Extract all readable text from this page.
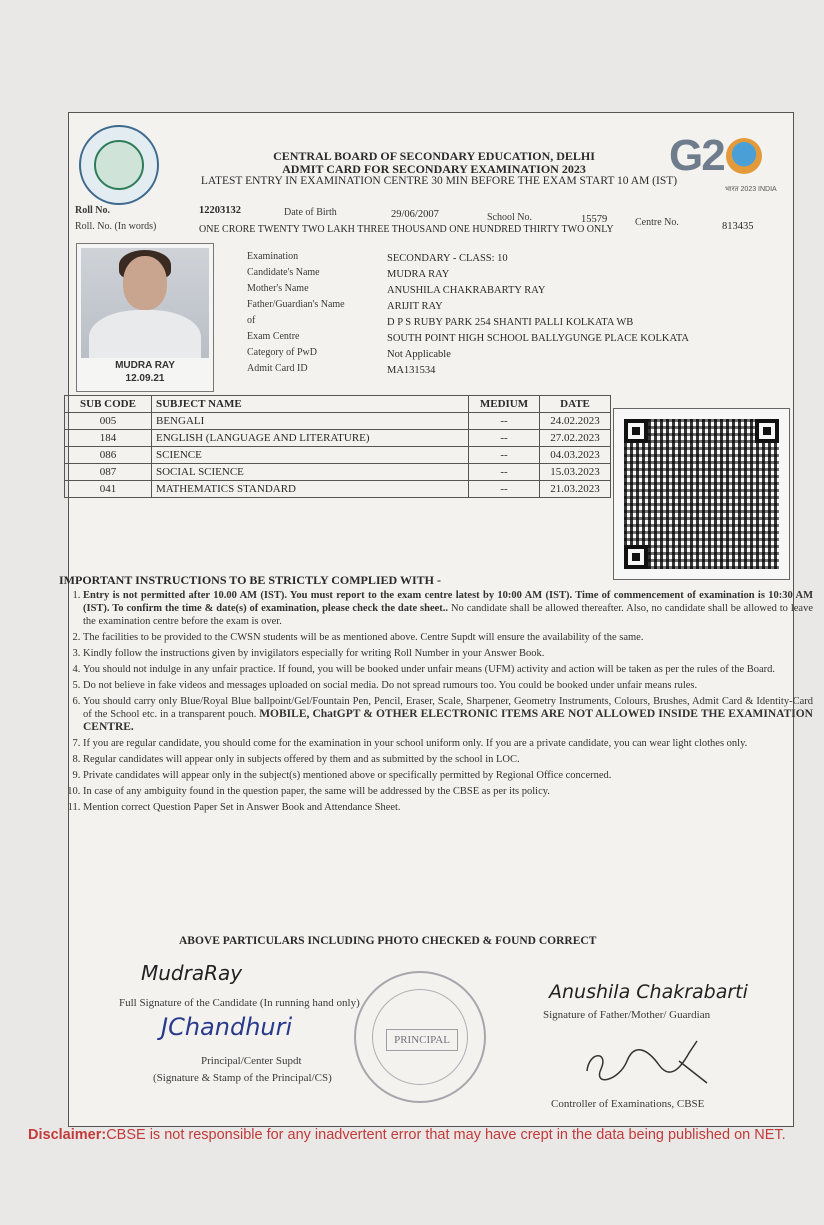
CENTRAL BOARD OF SECONDARY EDUCATION, DELHI
ADMIT CARD FOR SECONDARY EXAMINATION 2023
LATEST ENTRY IN EXAMINATION CENTRE 30 MIN BEFORE THE EXAM START 10 AM (IST)
G2
भारत 2023 INDIA
Roll No.	12203132	Date of Birth	29/06/2007	School No.	15579	Centre No.	813435
Roll. No. (In words)	ONE CRORE TWENTY TWO LAKH THREE THOUSAND ONE HUNDRED THIRTY TWO ONLY
MUDRA RAY
12.09.21
Examination	SECONDARY - CLASS: 10
Candidate's Name	MUDRA RAY
Mother's Name	ANUSHILA CHAKRABARTY RAY
Father/Guardian's Name	ARIJIT RAY
of	D P S RUBY PARK 254 SHANTI PALLI KOLKATA WB
Exam Centre	SOUTH POINT HIGH SCHOOL BALLYGUNGE PLACE KOLKATA
Category of PwD	Not Applicable
Admit Card ID	MA131534
SUB CODE	SUBJECT NAME	MEDIUM	DATE
005	BENGALI	--	24.02.2023
184	ENGLISH (LANGUAGE AND LITERATURE)	--	27.02.2023
086	SCIENCE	--	04.03.2023
087	SOCIAL SCIENCE	--	15.03.2023
041	MATHEMATICS STANDARD	--	21.03.2023
IMPORTANT INSTRUCTIONS TO BE STRICTLY COMPLIED WITH -
1. Entry is not permitted after 10.00 AM (IST). You must report to the exam centre latest by 10:00 AM (IST). Time of commencement of examination is 10:30 AM (IST). To confirm the time & date(s) of examination, please check the date sheet.. No candidate shall be allowed thereafter. Also, no candidate shall be allowed to leave the examination centre before the exam is over.
2. The facilities to be provided to the CWSN students will be as mentioned above. Centre Supdt will ensure the availability of the same.
3. Kindly follow the instructions given by invigilators especially for writing Roll Number in your Answer Book.
4. You should not indulge in any unfair practice. If found, you will be booked under unfair means (UFM) activity and action will be taken as per the rules of the Board.
5. Do not believe in fake videos and messages uploaded on social media. Do not spread rumours too. You could be booked under unfair means rules.
6. You should carry only Blue/Royal Blue ballpoint/Gel/Fountain Pen, Pencil, Eraser, Scale, Sharpener, Geometry Instruments, Colours, Brushes, Admit Card & Identity-Card of the School etc. in a transparent pouch. MOBILE, ChatGPT & OTHER ELECTRONIC ITEMS ARE NOT ALLOWED INSIDE THE EXAMINATION CENTRE.
7. If you are regular candidate, you should come for the examination in your school uniform only. If you are a private candidate, you can wear light clothes only.
8. Regular candidates will appear only in subjects offered by them and as submitted by the school in LOC.
9. Private candidates will appear only in the subject(s) mentioned above or specifically permitted by Regional Office concerned.
10. In case of any ambiguity found in the question paper, the same will be addressed by the CBSE as per its policy.
11. Mention correct Question Paper Set in Answer Book and Attendance Sheet.
ABOVE PARTICULARS INCLUDING PHOTO CHECKED & FOUND CORRECT
PRINCIPAL
MudraRay
Full Signature of the Candidate (In running hand only)	Anushila Chakrabarti
Signature of Father/Mother/ Guardian
JChandhuri
Principal/Center Supdt
(Signature & Stamp of the Principal/CS)
Controller of Examinations, CBSE
Disclaimer:CBSE is not responsible for any inadvertent error that may have crept in the data being published on NET.
